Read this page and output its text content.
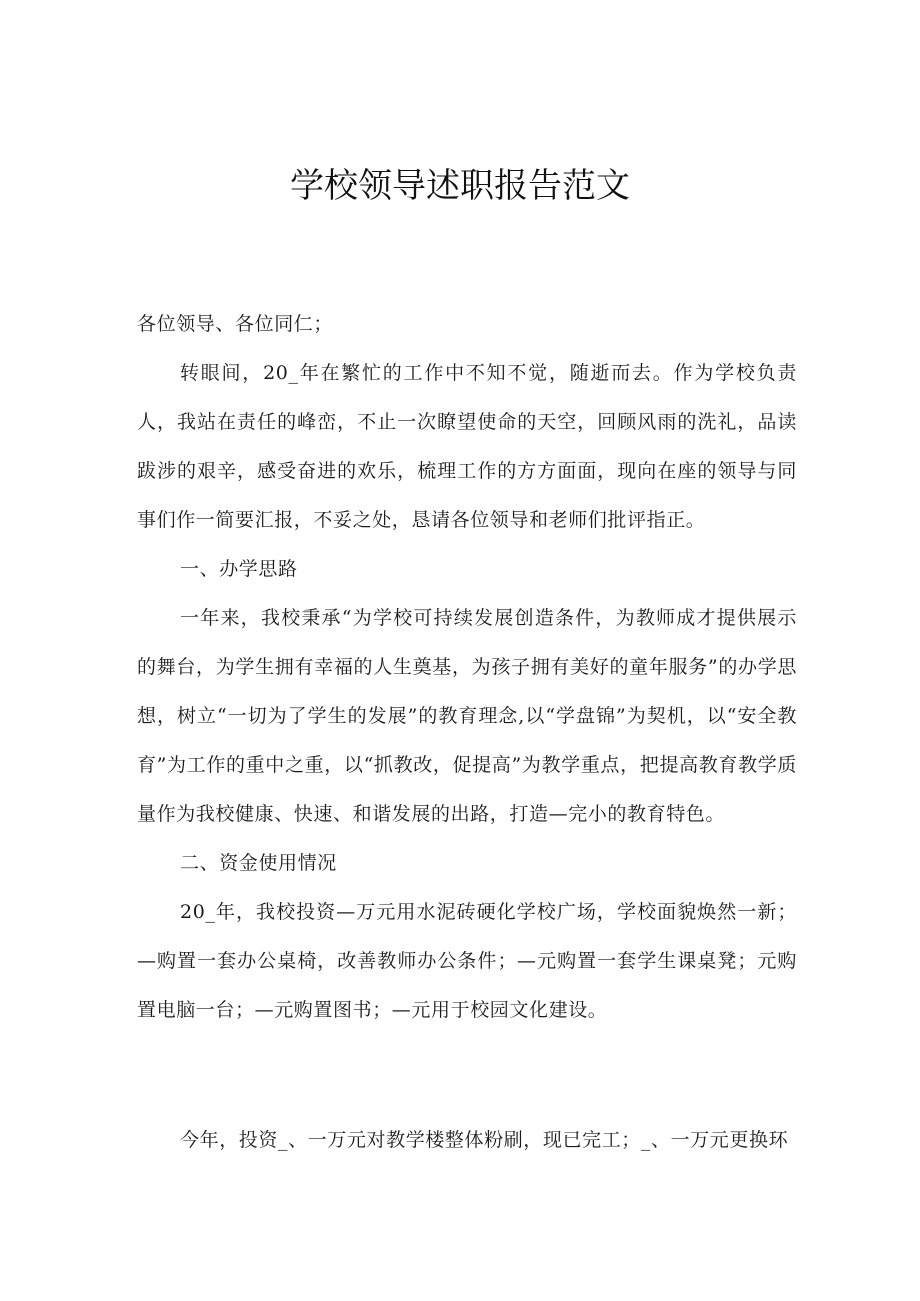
学校领导述职报告范文

各位领导、各位同仁；

转眼间，20_年在繁忙的工作中不知不觉，随逝而去。作为学校负责人，我站在责任的峰峦，不止一次瞭望使命的天空，回顾风雨的洗礼，品读跋涉的艰辛，感受奋进的欢乐，梳理工作的方方面面，现向在座的领导与同事们作一简要汇报，不妥之处，恳请各位领导和老师们批评指正。

一、办学思路

一年来，我校秉承“为学校可持续发展创造条件，为教师成才提供展示的舞台，为学生拥有幸福的人生奠基，为孩子拥有美好的童年服务”的办学思想，树立“一切为了学生的发展”的教育理念,以“学盘锦”为契机，以“安全教育”为工作的重中之重，以“抓教改，促提高”为教学重点，把提高教育教学质量作为我校健康、快速、和谐发展的出路，打造—完小的教育特色。

二、资金使用情况

20_年，我校投资—万元用水泥砖硬化学校广场，学校面貌焕然一新；—购置一套办公桌椅，改善教师办公条件；—元购置一套学生课桌凳；元购置电脑一台；—元购置图书；—元用于校园文化建设。

今年，投资_、一万元对教学楼整体粉刷，现已完工；_、一万元更换环
